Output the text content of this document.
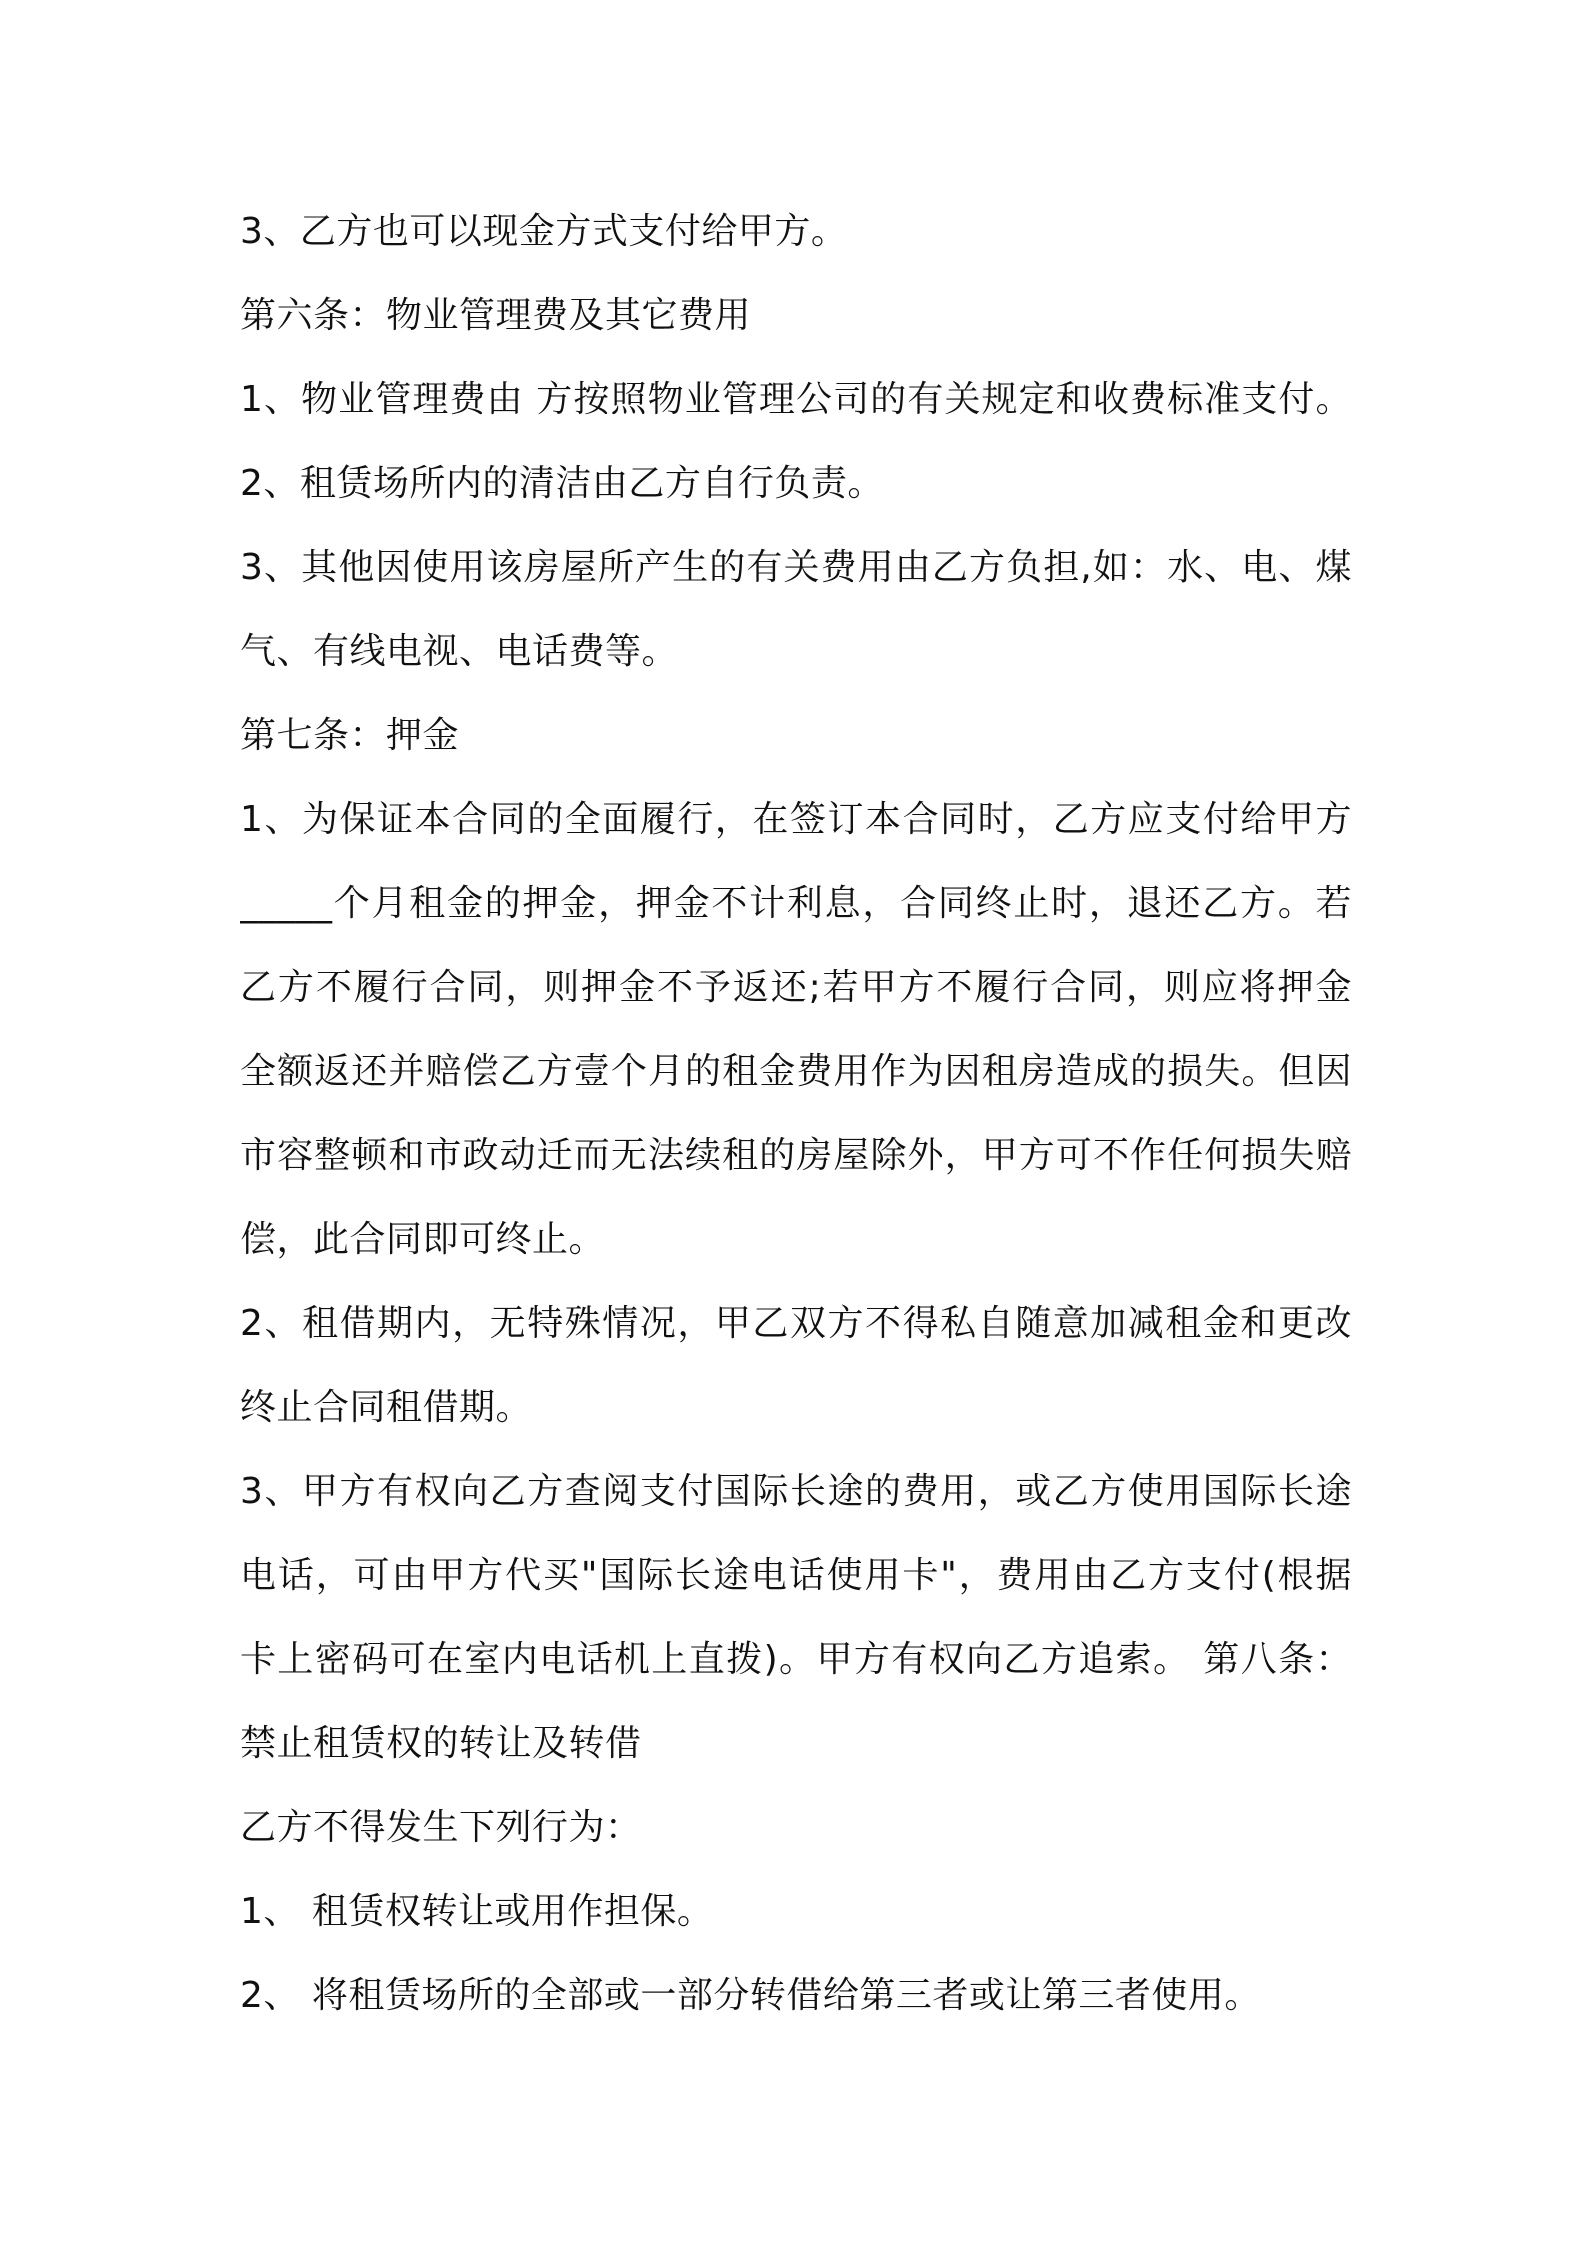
3、乙方也可以现金方式支付给甲方。
第六条：物业管理费及其它费用
1、物业管理费由 方按照物业管理公司的有关规定和收费标准支付。
2、租赁场所内的清洁由乙方自行负责。
3、其他因使用该房屋所产生的有关费用由乙方负担,如：水、电、煤
气、有线电视、电话费等。
第七条：押金
1、为保证本合同的全面履行，在签订本合同时，乙方应支付给甲方
_____个月租金的押金，押金不计利息，合同终止时，退还乙方。若
乙方不履行合同，则押金不予返还;若甲方不履行合同，则应将押金
全额返还并赔偿乙方壹个月的租金费用作为因租房造成的损失。但因
市容整顿和市政动迁而无法续租的房屋除外，甲方可不作任何损失赔
偿，此合同即可终止。
2、租借期内，无特殊情况，甲乙双方不得私自随意加减租金和更改
终止合同租借期。
3、甲方有权向乙方查阅支付国际长途的费用，或乙方使用国际长途
电话，可由甲方代买"国际长途电话使用卡"，费用由乙方支付(根据
卡上密码可在室内电话机上直拨)。甲方有权向乙方追索。 第八条：
禁止租赁权的转让及转借
乙方不得发生下列行为：
1、 租赁权转让或用作担保。
2、 将租赁场所的全部或一部分转借给第三者或让第三者使用。
